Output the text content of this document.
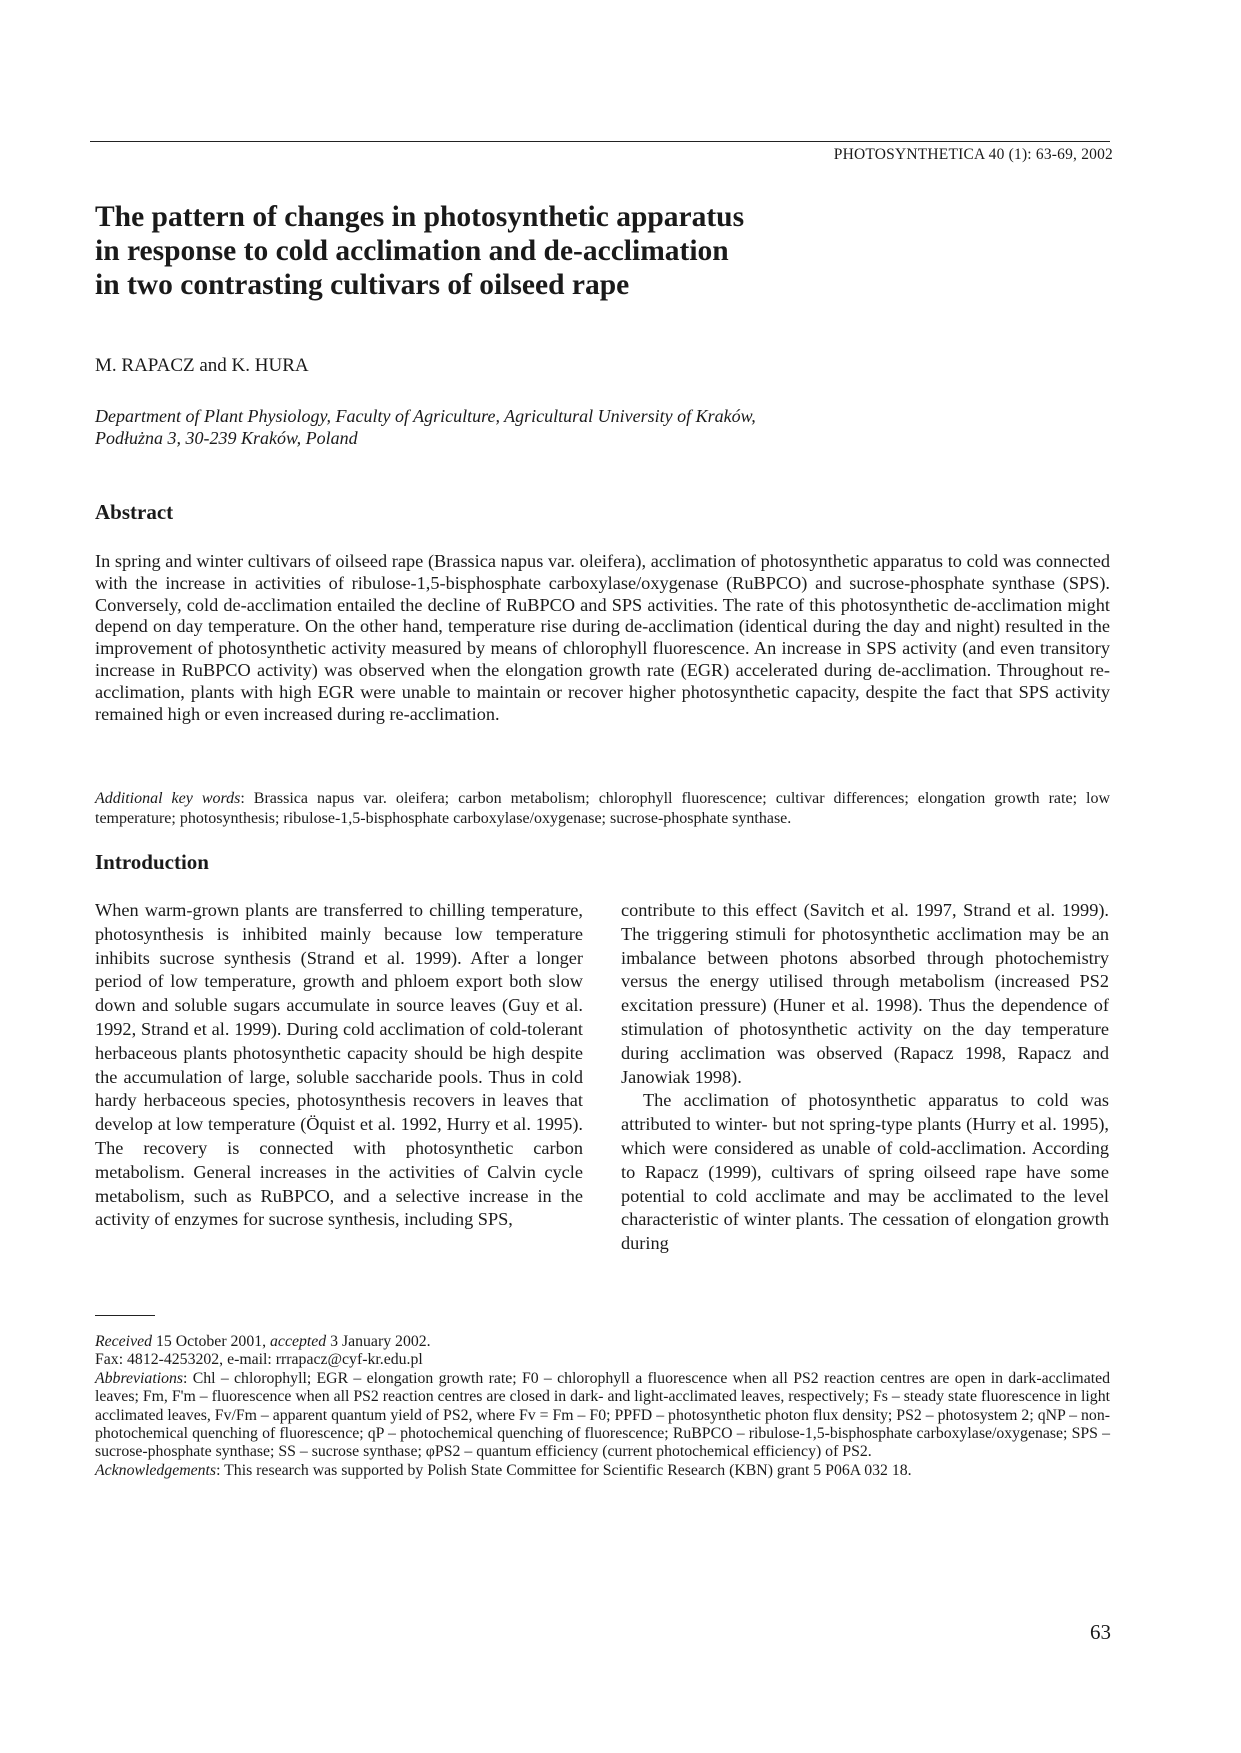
PHOTOSYNTHETICA 40 (1): 63-69, 2002
The pattern of changes in photosynthetic apparatus
in response to cold acclimation and de-acclimation
in two contrasting cultivars of oilseed rape
M. RAPACZ and K. HURA
Department of Plant Physiology, Faculty of Agriculture, Agricultural University of Kraków,
Podłużna 3, 30-239 Kraków, Poland
Abstract

In spring and winter cultivars of oilseed rape (Brassica napus var. oleifera), acclimation of photosynthetic apparatus to cold was connected with the increase in activities of ribulose-1,5-bisphosphate carboxylase/oxygenase (RuBPCO) and sucrose-phosphate synthase (SPS). Conversely, cold de-acclimation entailed the decline of RuBPCO and SPS activities. The rate of this photosynthetic de-acclimation might depend on day temperature. On the other hand, temperature rise during de-acclimation (identical during the day and night) resulted in the improvement of photosynthetic activity measured by means of chlorophyll fluorescence. An increase in SPS activity (and even transitory increase in RuBPCO activity) was observed when the elongation growth rate (EGR) accelerated during de-acclimation. Throughout re-acclimation, plants with high EGR were unable to maintain or recover higher photosynthetic capacity, despite the fact that SPS activity remained high or even increased during re-acclimation.

Additional key words: Brassica napus var. oleifera; carbon metabolism; chlorophyll fluorescence; cultivar differences; elongation growth rate; low temperature; photosynthesis; ribulose-1,5-bisphosphate carboxylase/oxygenase; sucrose-phosphate synthase.

Introduction

When warm-grown plants are transferred to chilling temperature, photosynthesis is inhibited mainly because low temperature inhibits sucrose synthesis (Strand et al. 1999). After a longer period of low temperature, growth and phloem export both slow down and soluble sugars accumulate in source leaves (Guy et al. 1992, Strand et al. 1999). During cold acclimation of cold-tolerant herbaceous plants photosynthetic capacity should be high despite the accumulation of large, soluble saccharide pools. Thus in cold hardy herbaceous species, photosynthesis recovers in leaves that develop at low temperature (Öquist et al. 1992, Hurry et al. 1995). The recovery is connected with photosynthetic carbon metabolism. General increases in the activities of Calvin cycle metabolism, such as RuBPCO, and a selective increase in the activity of enzymes for sucrose synthesis, including SPS,

contribute to this effect (Savitch et al. 1997, Strand et al. 1999). The triggering stimuli for photosynthetic acclimation may be an imbalance between photons absorbed through photochemistry versus the energy utilised through metabolism (increased PS2 excitation pressure) (Huner et al. 1998). Thus the dependence of stimulation of photosynthetic activity on the day temperature during acclimation was observed (Rapacz 1998, Rapacz and Janowiak 1998).

The acclimation of photosynthetic apparatus to cold was attributed to winter- but not spring-type plants (Hurry et al. 1995), which were considered as unable of cold-acclimation. According to Rapacz (1999), cultivars of spring oilseed rape have some potential to cold acclimate and may be acclimated to the level characteristic of winter plants. The cessation of elongation growth during

Received 15 October 2001, accepted 3 January 2002.

Fax: 4812-4253202, e-mail: rrrapacz@cyf-kr.edu.pl

Abbreviations: Chl – chlorophyll; EGR – elongation growth rate; F0 – chlorophyll a fluorescence when all PS2 reaction centres are open in dark-acclimated leaves; Fm, F'm – fluorescence when all PS2 reaction centres are closed in dark- and light-acclimated leaves, respectively; Fs – steady state fluorescence in light acclimated leaves, Fv/Fm – apparent quantum yield of PS2, where Fv = Fm – F0; PPFD – photosynthetic photon flux density; PS2 – photosystem 2; qNP – non-photochemical quenching of fluorescence; qP – photochemical quenching of fluorescence; RuBPCO – ribulose-1,5-bisphosphate carboxylase/oxygenase; SPS – sucrose-phosphate synthase; SS – sucrose synthase; φPS2 – quantum efficiency (current photochemical efficiency) of PS2.

Acknowledgements: This research was supported by Polish State Committee for Scientific Research (KBN) grant 5 P06A 032 18.

63
